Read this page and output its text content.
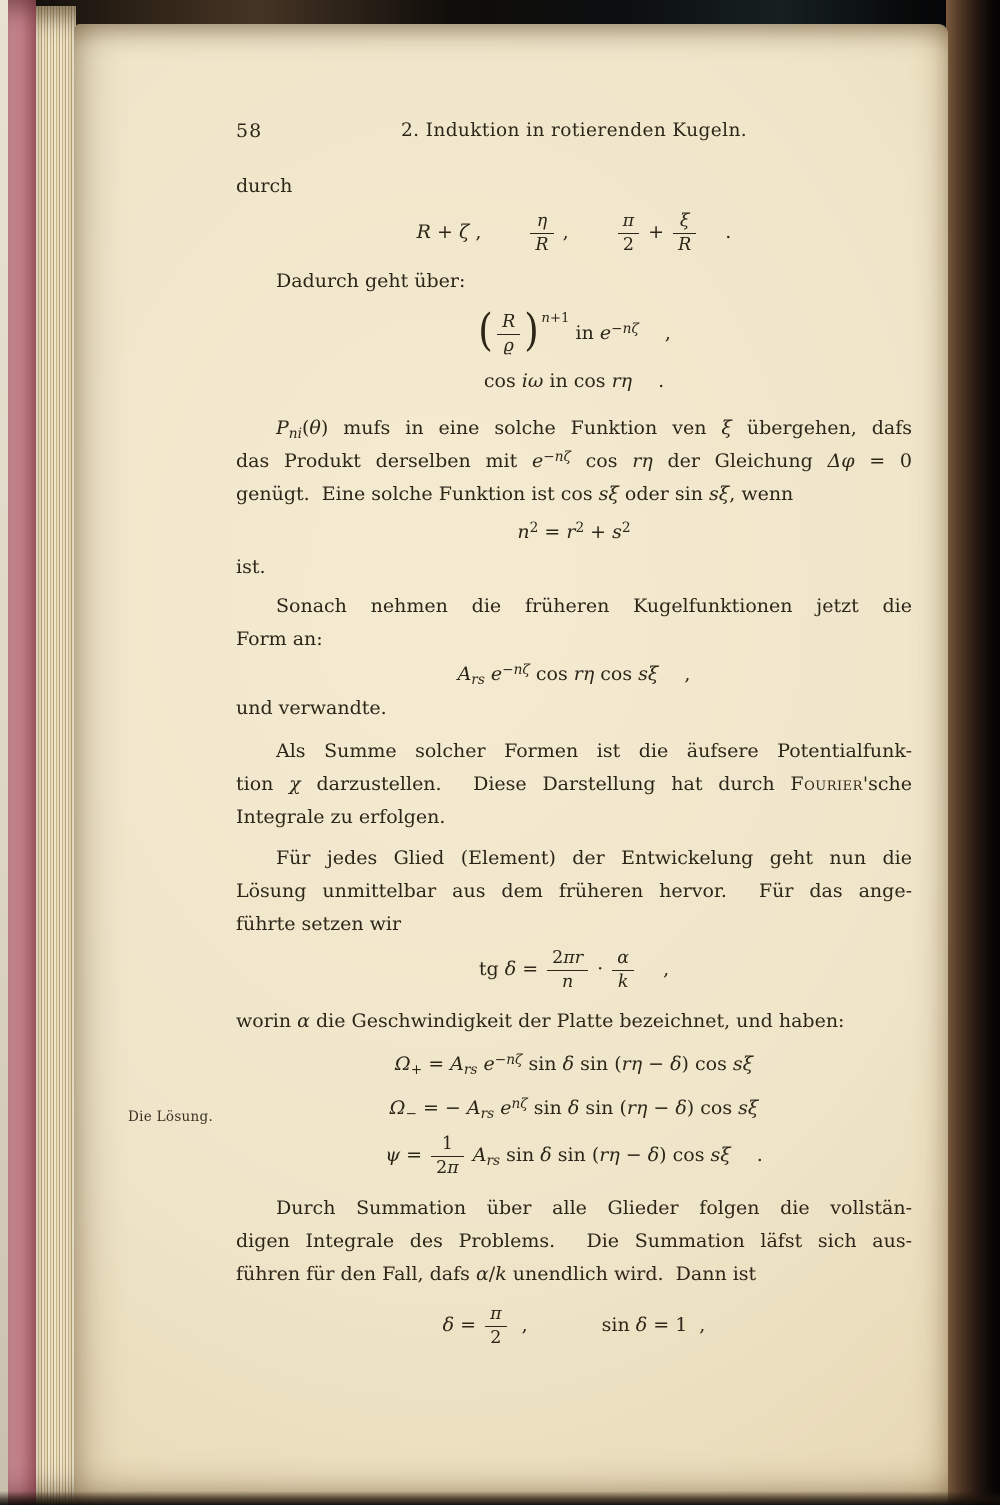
58	2. Induktion in rotierenden Kugeln.
Die Lösung.
durch
R + ζ ,	$\frac{\eta}{R}$ ,	$\frac{\pi}{2} + \frac{\xi}{R}$ .
Dadurch geht über:
( $\frac{R}{ϱ}$ ) n+1 in $e^{-n\zeta}$ ,
cos iω in cos rη .
$P_{ni}(\theta)$ mufs in eine solche Funktion ven ξ übergehen, dafs
das Produkt derselben mit $e^{-n\zeta}$ cos rη der Gleichung Δφ = 0
genügt.  Eine solche Funktion ist cos sξ oder sin sξ, wenn
$n^2 = r^2 + s^2$
ist.
Sonach nehmen die früheren Kugelfunktionen jetzt die
Form an:
$A_{rs}$ $e^{-n\zeta}$ cos rη cos sξ ,
und verwandte.
Als Summe solcher Formen ist die äufsere Potentialfunk-
tion χ darzustellen.  Diese Darstellung hat durch Fourier'sche
Integrale zu erfolgen.
Für jedes Glied (Element) der Entwickelung geht nun die
Lösung unmittelbar aus dem früheren hervor.  Für das ange-
führte setzen wir
tg $\delta = \frac{2\pi r}{n} \cdot \frac{\alpha}{k}$ ,
worin α die Geschwindigkeit der Platte bezeichnet, und haben:
$\Omega_+ = A_{rs}$ $e^{-n\zeta}$ sin δ sin (rη − δ) cos sξ
$\Omega_-$ = − $A_{rs}$ $e^{n\zeta}$ sin δ sin (rη − δ) cos sξ
$\psi = \frac{1}{2\pi} A_{rs}$ sin δ sin (rη − δ) cos sξ .
Durch Summation über alle Glieder folgen die vollstän-
digen Integrale des Problems.  Die Summation läfst sich aus-
führen für den Fall, dafs α/k unendlich wird.  Dann ist
$\delta = \frac{\pi}{2}$ ,	sin δ = 1 ,
